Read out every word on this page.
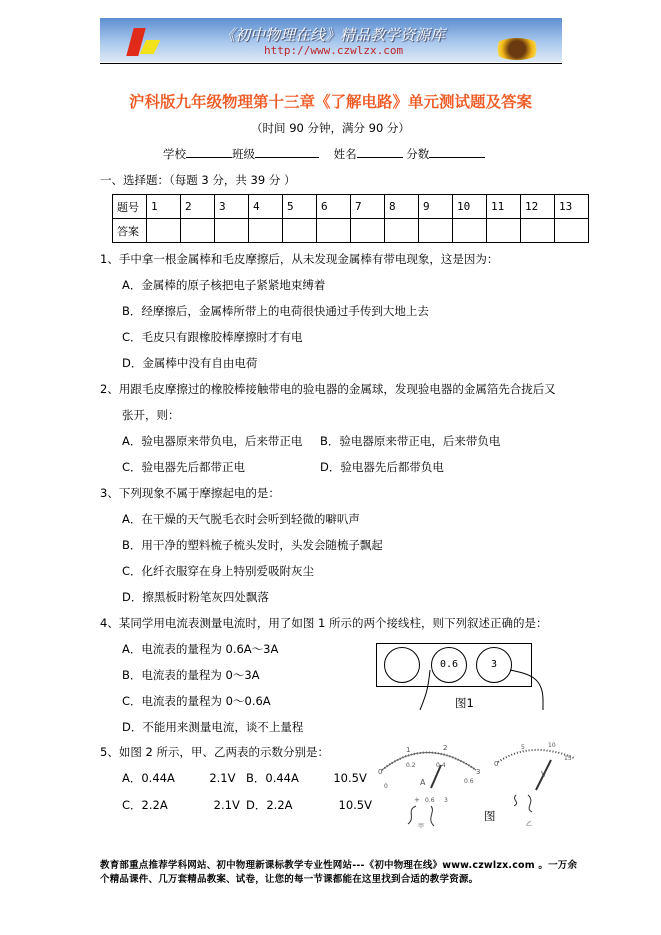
《初中物理在线》精品教学资源库
http://www.czwlzx.com
沪科版九年级物理第十三章《了解电路》单元测试题及答案
（时间 90 分钟，满分 90 分）
学校	班级	姓名	分数
一、选择题：（每题 3 分，共 39 分 ）
题号	1	2	3	4	5	6	7	8	9	10	11	12	13
答案													
1、手中拿一根金属棒和毛皮摩擦后，从未发现金属棒有带电现象，这是因为：
A．金属棒的原子核把电子紧紧地束缚着
B．经摩擦后，金属棒所带上的电荷很快通过手传到大地上去
C．毛皮只有跟橡胶棒摩擦时才有电
D．金属棒中没有自由电荷
2、用跟毛皮摩擦过的橡胶棒接触带电的验电器的金属球，发现验电器的金属箔先合拢后又
张开，则：
A．验电器原来带负电，后来带正电 B．验电器原来带正电，后来带负电
C．验电器先后都带正电	D．验电器先后都带负电
3、下列现象不属于摩擦起电的是：
A．在干燥的天气脱毛衣时会听到轻微的噼叭声
B．用干净的塑料梳子梳头发时，头发会随梳子飘起
C．化纤衣服穿在身上特别爱吸附灰尘
D．擦黑板时粉笔灰四处飘落
4、某同学用电流表测量电流时，用了如图 1 所示的两个接线柱，则下列叙述正确的是：
A．电流表的量程为 0.6A～3A
B．电流表的量程为 0～3A
C．电流表的量程为 0～0.6A
D．不能用来测量电流，谈不上量程
0.6	3
图1
5、如图 2 所示，甲、乙两表的示数分别是：
A．0.44A　　　2.1V B．0.44A　　　10.5V
C．2.2A　　　　2.1V D．2.2A　　　　10.5V
A
0
1	2
3
0.2	0.4
0.6
0
+ 0.6 3
甲
V
0
5	10
15
乙
图
教育部重点推荐学科网站、初中物理新课标教学专业性网站---《初中物理在线》www.czwlzx.com 。一万余
个精品课件、几万套精品教案、试卷，让您的每一节课都能在这里找到合适的教学资源。
